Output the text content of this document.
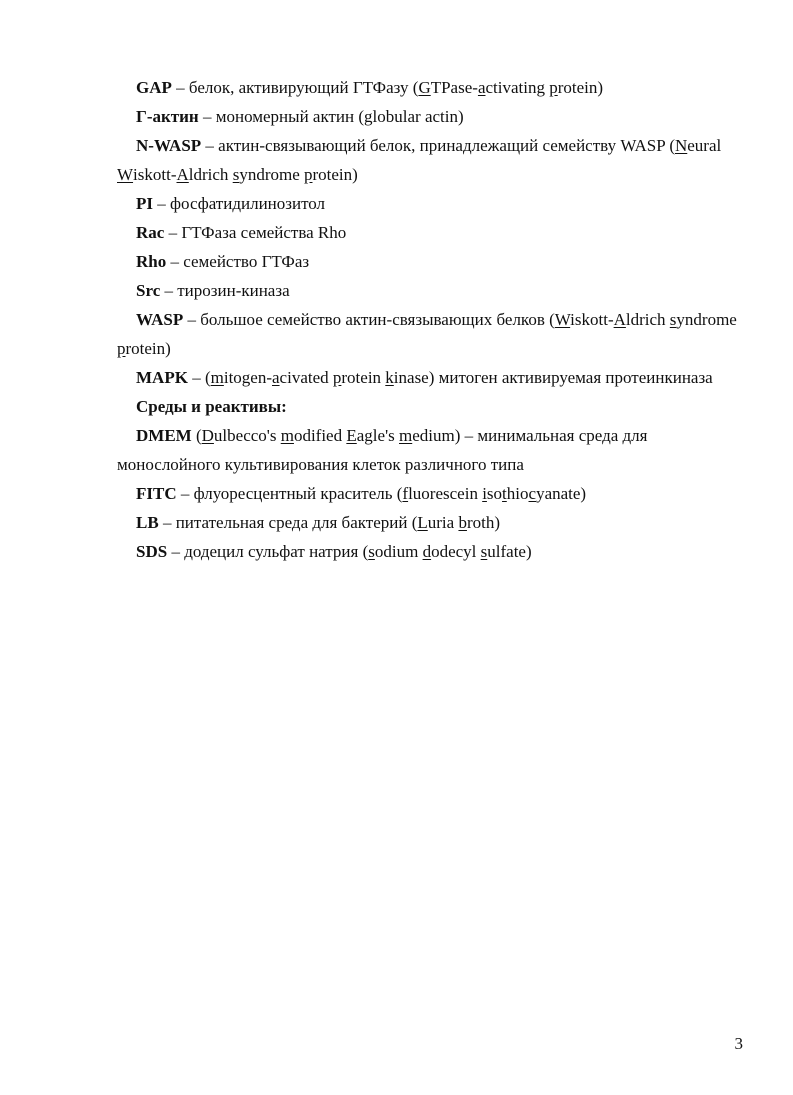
GAP – белок, активирующий ГТФазу (GTPase-activating protein)

Г-актин – мономерный актин (globular actin)

N-WASP – актин-связывающий белок, принадлежащий семейству WASP (Neural Wiskott-Aldrich syndrome protein)

PI – фосфатидилинозитол

Rac – ГТФаза семейства Rho

Rho – семейство ГТФаз

Src – тирозин-киназа

WASP – большое семейство актин-связывающих белков (Wiskott-Aldrich syndrome protein)

MAPK – (mitogen-acivated protein kinase) митоген активируемая протеинкиназа

Среды и реактивы:

DMEM (Dulbecco's modified Eagle's medium) – минимальная среда для монослойного культивирования клеток различного типа

FITC – флуоресцентный краситель (fluorescein isothiocyanate)

LB – питательная среда для бактерий (Luria broth)

SDS – додецил сульфат натрия (sodium dodecyl sulfate)

3
